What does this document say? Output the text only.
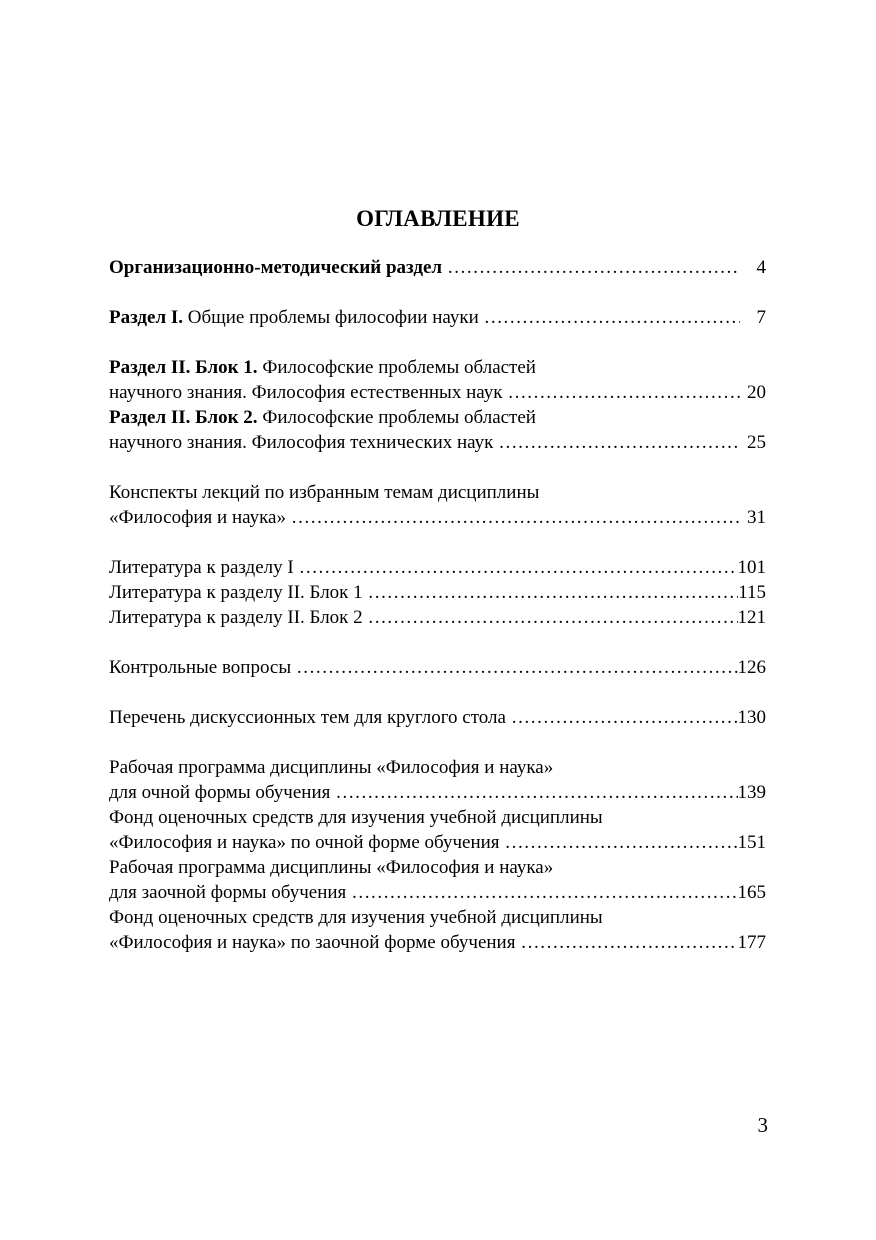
ОГЛАВЛЕНИЕ
Организационно-методический раздел …………………………………………………………………………………………………………………………………………………………………………	4
Раздел I. Общие проблемы философии науки …………………………………………………………………………………………………………………………………………………………………………	7
Раздел II. Блок 1. Философские проблемы областей
научного знания. Философия естественных наук …………………………………………………………………………………………………………………………………………………………………………	20
Раздел II. Блок 2. Философские проблемы областей
научного знания. Философия технических наук …………………………………………………………………………………………………………………………………………………………………………	25
Конспекты лекций по избранным темам дисциплины
«Философия и наука» …………………………………………………………………………………………………………………………………………………………………………	31
Литература к разделу I …………………………………………………………………………………………………………………………………………………………………………	101
Литература к разделу II. Блок 1 …………………………………………………………………………………………………………………………………………………………………………	115
Литература к разделу II. Блок 2 …………………………………………………………………………………………………………………………………………………………………………	121
Контрольные вопросы …………………………………………………………………………………………………………………………………………………………………………	126
Перечень дискуссионных тем для круглого стола …………………………………………………………………………………………………………………………………………………………………………	130
Рабочая программа дисциплины «Философия и наука»
для очной формы обучения …………………………………………………………………………………………………………………………………………………………………………	139
Фонд оценочных средств для изучения учебной дисциплины
«Философия и наука» по очной форме обучения …………………………………………………………………………………………………………………………………………………………………………	151
Рабочая программа дисциплины «Философия и наука»
для заочной формы обучения …………………………………………………………………………………………………………………………………………………………………………	165
Фонд оценочных средств для изучения учебной дисциплины
«Философия и наука» по заочной форме обучения …………………………………………………………………………………………………………………………………………………………………………	177
3
